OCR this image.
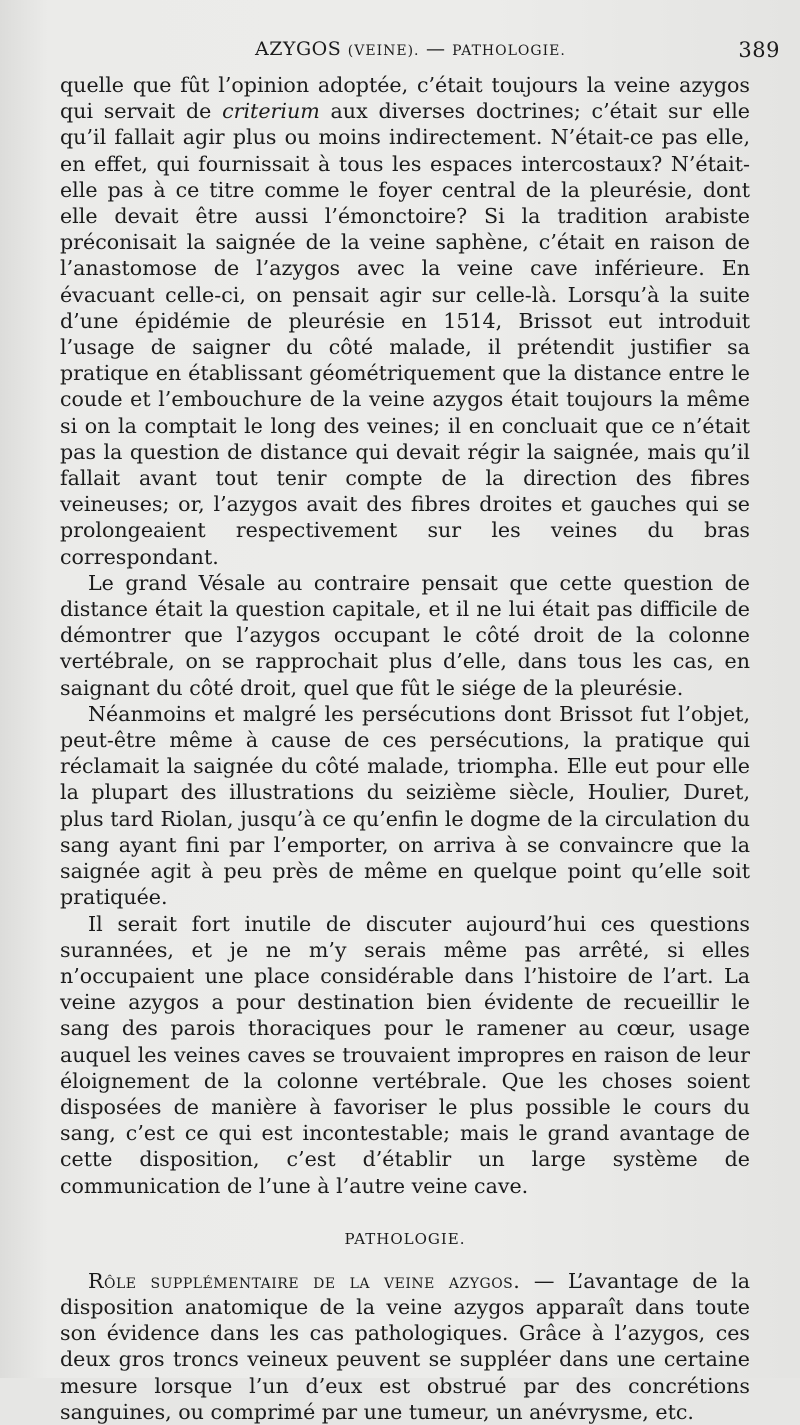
AZYGOS (VEINE). — PATHOLOGIE.	389

quelle que fût l’opinion adoptée, c’était toujours la veine azygos qui servait de criterium aux diverses doctrines; c’était sur elle qu’il fallait agir plus ou moins indirectement. N’était-ce pas elle, en effet, qui fournissait à tous les espaces intercostaux? N’était-elle pas à ce titre comme le foyer central de la pleurésie, dont elle devait être aussi l’émonctoire? Si la tradition arabiste préconisait la saignée de la veine saphène, c’était en raison de l’anastomose de l’azygos avec la veine cave inférieure. En évacuant celle-ci, on pensait agir sur celle-là. Lorsqu’à la suite d’une épidémie de pleurésie en 1514, Brissot eut introduit l’usage de saigner du côté malade, il prétendit justifier sa pratique en établissant géométriquement que la distance entre le coude et l’embouchure de la veine azygos était toujours la même si on la comptait le long des veines; il en concluait que ce n’était pas la question de distance qui devait régir la saignée, mais qu’il fallait avant tout tenir compte de la direction des fibres veineuses; or, l’azygos avait des fibres droites et gauches qui se prolongeaient respectivement sur les veines du bras correspondant.

Le grand Vésale au contraire pensait que cette question de distance était la question capitale, et il ne lui était pas difficile de démontrer que l’azygos occupant le côté droit de la colonne vertébrale, on se rapprochait plus d’elle, dans tous les cas, en saignant du côté droit, quel que fût le siége de la pleurésie.

Néanmoins et malgré les persécutions dont Brissot fut l’objet, peut-être même à cause de ces persécutions, la pratique qui réclamait la saignée du côté malade, triompha. Elle eut pour elle la plupart des illustrations du seizième siècle, Houlier, Duret, plus tard Riolan, jusqu’à ce qu’enfin le dogme de la circulation du sang ayant fini par l’emporter, on arriva à se convaincre que la saignée agit à peu près de même en quelque point qu’elle soit pratiquée.

Il serait fort inutile de discuter aujourd’hui ces questions surannées, et je ne m’y serais même pas arrêté, si elles n’occupaient une place considérable dans l’histoire de l’art. La veine azygos a pour destination bien évidente de recueillir le sang des parois thoraciques pour le ramener au cœur, usage auquel les veines caves se trouvaient impropres en raison de leur éloignement de la colonne vertébrale. Que les choses soient disposées de manière à favoriser le plus possible le cours du sang, c’est ce qui est incontestable; mais le grand avantage de cette disposition, c’est d’établir un large système de communication de l’une à l’autre veine cave.

PATHOLOGIE.

Rôle supplémentaire de la veine azygos. — L’avantage de la disposition anatomique de la veine azygos apparaît dans toute son évidence dans les cas pathologiques. Grâce à l’azygos, ces deux gros troncs veineux peuvent se suppléer dans une certaine mesure lorsque l’un d’eux est obstrué par des concrétions sanguines, ou comprimé par une tumeur, un anévrysme, etc.
